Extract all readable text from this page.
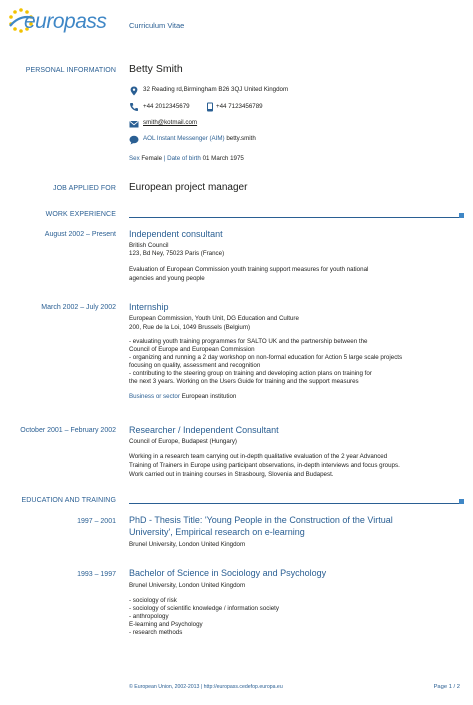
europass	Curriculum Vitae
PERSONAL INFORMATION Betty Smith
32 Reading rd,Birmingham B26 3QJ United Kingdom
+44 2012345679	+44 7123456789
smith@kotmail.com
AOL Instant Messenger (AIM) betty.smith
Sex Female | Date of birth 01 March 1975
JOB APPLIED FOR European project manager
WORK EXPERIENCE
August 2002 – Present Independent consultant
British Council
123, Bd Ney, 75023 Paris (France)
Evaluation of European Commission youth training support measures for youth national
agencies and young people
March 2002 – July 2002 Internship
European Commission, Youth Unit, DG Education and Culture
200, Rue de la Loi, 1049 Brussels (Belgium)
- evaluating youth training programmes for SALTO UK and the partnership between the
Council of Europe and European Commission
- organizing and running a 2 day workshop on non-formal education for Action 5 large scale projects
focusing on quality, assessment and recognition
- contributing to the steering group on training and developing action plans on training for
the next 3 years. Working on the Users Guide for training and the support measures
Business or sector European institution
October 2001 – February 2002 Researcher / Independent Consultant
Council of Europe, Budapest (Hungary)
Working in a research team carrying out in-depth qualitative evaluation of the 2 year Advanced
Training of Trainers in Europe using participant observations, in-depth interviews and focus groups.
Work carried out in training courses in Strasbourg, Slovenia and Budapest.
EDUCATION AND TRAINING
1997 – 2001 PhD - Thesis Title: 'Young People in the Construction of the Virtual
University', Empirical research on e-learning
Brunel University, London United Kingdom
1993 – 1997 Bachelor of Science in Sociology and Psychology
Brunel University, London United Kingdom
- sociology of risk
- sociology of scientific knowledge / information society
- anthropology
E-learning and Psychology
- research methods
© European Union, 2002-2013 | http://europass.cedefop.europa.eu	Page 1 / 2
